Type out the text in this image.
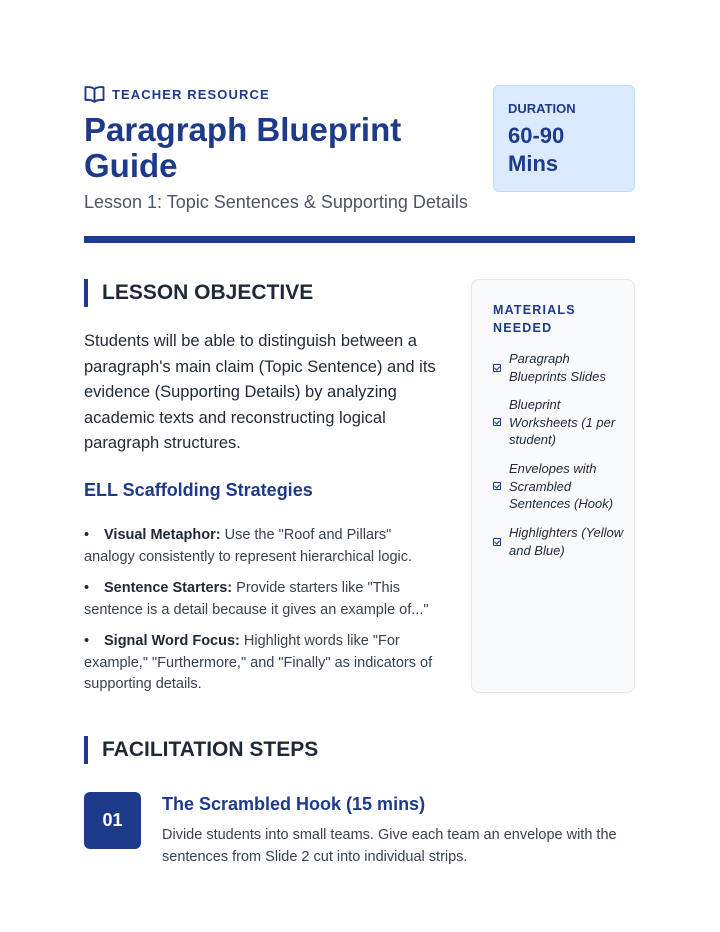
TEACHER RESOURCE
Paragraph Blueprint Guide
Lesson 1: Topic Sentences & Supporting Details
DURATION
60-90 Mins
LESSON OBJECTIVE

Students will be able to distinguish between a paragraph's main claim (Topic Sentence) and its evidence (Supporting Details) by analyzing academic texts and reconstructing logical paragraph structures.

ELL Scaffolding Strategies
• Visual Metaphor: Use the "Roof and Pillars" analogy consistently to represent hierarchical logic.
• Sentence Starters: Provide starters like "This sentence is a detail because it gives an example of..."
• Signal Word Focus: Highlight words like "For example," "Furthermore," and "Finally" as indicators of supporting details.
MATERIALS NEEDED
Paragraph Blueprints Slides
Blueprint Worksheets (1 per student)
Envelopes with Scrambled Sentences (Hook)
Highlighters (Yellow and Blue)
FACILITATION STEPS
01
The Scrambled Hook (15 mins)

Divide students into small teams. Give each team an envelope with the sentences from Slide 2 cut into individual strips.
